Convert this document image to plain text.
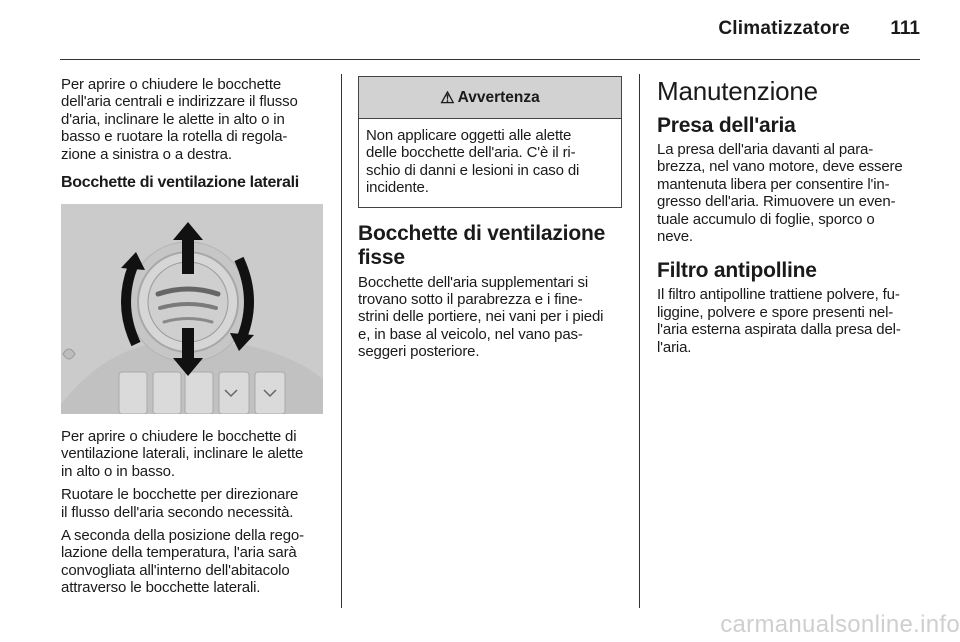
Climatizzatore	111

Per aprire o chiudere le bocchette
dell'aria centrali e indirizzare il flusso
d'aria, inclinare le alette in alto o in
basso e ruotare la rotella di regola-
zione a sinistra o a destra.

Bocchette di ventilazione laterali

Per aprire o chiudere le bocchette di
ventilazione laterali, inclinare le alette
in alto o in basso.

Ruotare le bocchette per direzionare
il flusso dell'aria secondo necessità.

A seconda della posizione della rego-
lazione della temperatura, l'aria sarà
convogliata all'interno dell'abitacolo
attraverso le bocchette laterali.

⚠ Avvertenza

Non applicare oggetti alle alette
delle bocchette dell'aria. C'è il ri-
schio di danni e lesioni in caso di
incidente.

Bocchette di ventilazione
fisse

Bocchette dell'aria supplementari si
trovano sotto il parabrezza e i fine-
strini delle portiere, nei vani per i piedi
e, in base al veicolo, nel vano pas-
seggeri posteriore.

Manutenzione
Presa dell'aria

La presa dell'aria davanti al para-
brezza, nel vano motore, deve essere
mantenuta libera per consentire l'in-
gresso dell'aria. Rimuovere un even-
tuale accumulo di foglie, sporco o
neve.

Filtro antipolline

Il filtro antipolline trattiene polvere, fu-
liggine, polvere e spore presenti nel-
l'aria esterna aspirata dalla presa del-
l'aria.

carmanualsonline.info
